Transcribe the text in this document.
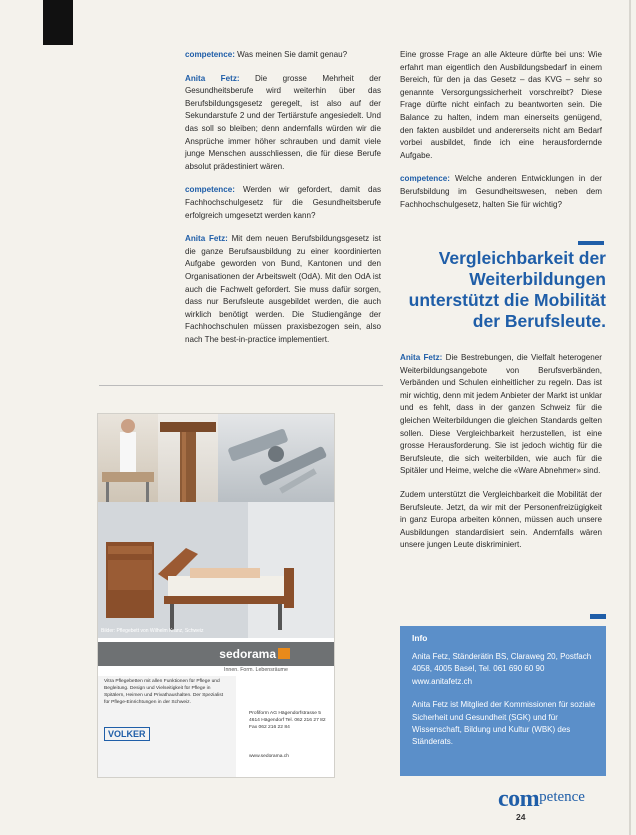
competence: Was meinen Sie damit genau?

Anita Fetz: Die grosse Mehrheit der Gesundheitsberufe wird weiterhin über das Berufsbildungsgesetz geregelt, ist also auf der Sekundarstufe 2 und der Tertiärstufe angesiedelt. Und das soll so bleiben; denn andernfalls würden wir die Ansprüche immer höher schrauben und damit viele junge Menschen ausschliessen, die für diese Berufe absolut prädestiniert wären.

competence: Werden wir gefordert, damit das Fachhochschulgesetz für die Gesundheitsberufe erfolgreich umgesetzt werden kann?

Anita Fetz: Mit dem neuen Berufsbildungsgesetz ist die ganze Berufsausbildung zu einer koordinierten Aufgabe geworden von Bund, Kantonen und den Organisationen der Arbeitswelt (OdA). Mit den OdA ist auch die Fachwelt gefordert. Sie muss dafür sorgen, dass nur Berufsleute ausgebildet werden, die auch wirklich benötigt werden. Die Studiengänge der Fachhochschulen müssen praxisbezogen sein, also nach The best-in-practice implementiert.

Eine grosse Frage an alle Akteure dürfte bei uns: Wie erfahrt man eigentlich den Ausbildungsbedarf in einem Bereich, für den ja das Gesetz – das KVG – sehr so genannte Versorgungssicherheit vorschreibt? Diese Frage dürfte nicht einfach zu beantworten sein. Die Balance zu halten, indem man einerseits genügend, den fakten ausbildet und andererseits nicht am Bedarf vorbei ausbildet, finde ich eine herausfordernde Aufgabe.

competence: Welche anderen Entwicklungen in der Berufsbildung im Gesundheitswesen, neben dem Fachhochschulgesetz, halten Sie für wichtig?

Vergleichbarkeit der Weiterbildungen unterstützt die Mobilität der Berufsleute.

Anita Fetz: Die Bestrebungen, die Vielfalt heterogener Weiterbildungsangebote von Berufsverbänden, Verbänden und Schulen einheitlicher zu regeln. Das ist mir wichtig, denn mit jedem Anbieter der Markt ist unklar und es fehlt, dass in der ganzen Schweiz für die gleichen Weiterbildungen die gleichen Standards gelten sollen. Diese Vergleichbarkeit herzustellen, ist eine grosse Herausforderung. Sie ist jedoch wichtig für die Berufsleute, die sich weiterbilden, wie auch für die Spitäler und Heime, welche die «Ware Abnehmer» sind.

Zudem unterstützt die Vergleichbarkeit die Mobilität der Berufsleute. Jetzt, da wir mit der Personenfreizügigkeit in ganz Europa arbeiten können, müssen auch unsere Ausbildungen standardisiert sein. Andernfalls wären unsere jungen Leute diskriminiert.

Bilder: Pflegebett von Wilhelm Kranz, Schweiz
sedorama
Innen. Form. Lebensräume
Vitra Pflegebetten mit allen Funktionen für Pflege und Begleitung. Design und Vielseitigkeit für Pflege in Spitälern, Heimen und Privathaushalten. Der Spezialist für Pflege-Einrichtungen in der Schweiz.
VOLKER
Profiform AG Hägendorfstrasse 5 4614 Hägendorf Tel. 062 216 27 82 Fax 062 216 22 84
www.sedorama.ch
Info

Anita Fetz, Ständerätin BS, Claraweg 20, Postfach 4058, 4005 Basel, Tel. 061 690 60 90
www.anitafetz.ch

Anita Fetz ist Mitglied der Kommissionen für soziale Sicherheit und Gesundheit (SGK) und für Wissenschaft, Bildung und Kultur (WBK) des Ständerats.

com$^{petence}$
24
